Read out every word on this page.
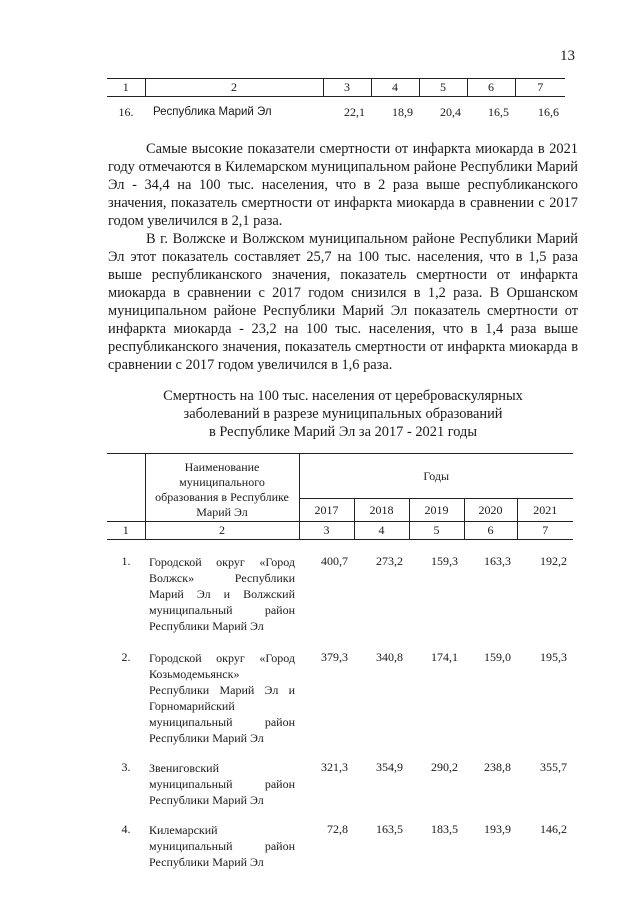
13
1	2	3	4	5	6	7
16.	Республика Марий Эл	22,1	18,9	20,4	16,5	16,6

Самые высокие показатели смертности от инфаркта миокарда в 2021 году отмечаются в Килемарском муниципальном районе Республики Марий Эл - 34,4 на 100 тыс. населения, что в 2 раза выше республиканского значения, показатель смертности от инфаркта миокарда в сравнении с 2017 годом увеличился в 2,1 раза.

В г. Волжске и Волжском муниципальном районе Республики Марий Эл этот показатель составляет 25,7 на 100 тыс. населения, что в 1,5 раза выше республиканского значения, показатель смертности от инфаркта миокарда в сравнении с 2017 годом снизился в 1,2 раза. В Оршанском муниципальном районе Республики Марий Эл показатель смертности от инфаркта миокарда - 23,2 на 100 тыс. населения, что в 1,4 раза выше республиканского значения, показатель смертности от инфаркта миокарда в сравнении с 2017 годом увеличился в 1,6 раза.

Смертность на 100 тыс. населения от цереброваскулярных
заболеваний в разрезе муниципальных образований
в Республике Марий Эл за 2017 - 2021 годы
	Наименование муниципального образования в Республике Марий Эл	Годы				
		2017	2018	2019	2020	2021
1	2	3	4	5	6	7

1.	Городской округ «Город Волжск» Республики Марий Эл и Волжский муниципальный район Республики Марий Эл	400,7	273,2	159,3	163,3	192,2

2.	Городской округ «Город Козьмодемьянск» Республики Марий Эл и Горномарийский муниципальный район Республики Марий Эл	379,3	340,8	174,1	159,0	195,3

3.	Звениговский муниципальный район Республики Марий Эл	321,3	354,9	290,2	238,8	355,7

4.	Килемарский муниципальный район Республики Марий Эл	72,8	163,5	183,5	193,9	146,2
